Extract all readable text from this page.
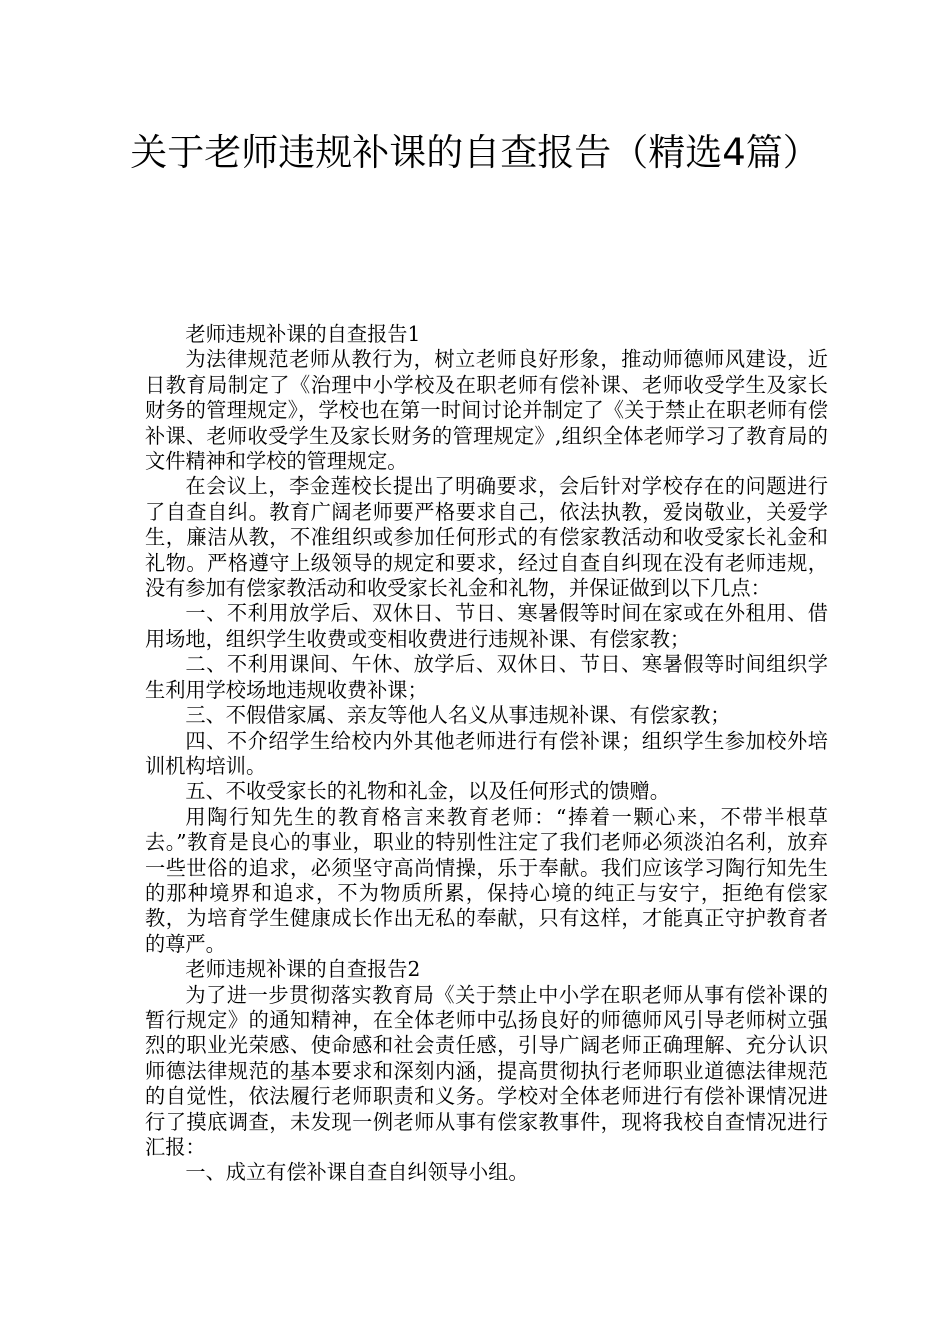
关于老师违规补课的自查报告（精选4篇）

老师违规补课的自查报告1

为法律规范老师从教行为，树立老师良好形象，推动师德师风建设，近日教育局制定了《治理中小学校及在职老师有偿补课、老师收受学生及家长财务的管理规定》，学校也在第一时间讨论并制定了《关于禁止在职老师有偿补课、老师收受学生及家长财务的管理规定》,组织全体老师学习了教育局的文件精神和学校的管理规定。

在会议上，李金莲校长提出了明确要求，会后针对学校存在的问题进行了自查自纠。教育广阔老师要严格要求自己，依法执教，爱岗敬业，关爱学生，廉洁从教，不准组织或参加任何形式的有偿家教活动和收受家长礼金和礼物。严格遵守上级领导的规定和要求，经过自查自纠现在没有老师违规，没有参加有偿家教活动和收受家长礼金和礼物，并保证做到以下几点：

一、不利用放学后、双休日、节日、寒暑假等时间在家或在外租用、借用场地，组织学生收费或变相收费进行违规补课、有偿家教；

二、不利用课间、午休、放学后、双休日、节日、寒暑假等时间组织学生利用学校场地违规收费补课；

三、不假借家属、亲友等他人名义从事违规补课、有偿家教；

四、不介绍学生给校内外其他老师进行有偿补课；组织学生参加校外培训机构培训。

五、不收受家长的礼物和礼金，以及任何形式的馈赠。

用陶行知先生的教育格言来教育老师：“捧着一颗心来，不带半根草去。”教育是良心的事业，职业的特别性注定了我们老师必须淡泊名利，放弃一些世俗的追求，必须坚守高尚情操，乐于奉献。我们应该学习陶行知先生的那种境界和追求，不为物质所累，保持心境的纯正与安宁，拒绝有偿家教，为培育学生健康成长作出无私的奉献，只有这样，才能真正守护教育者的尊严。

老师违规补课的自查报告2

为了进一步贯彻落实教育局《关于禁止中小学在职老师从事有偿补课的暂行规定》的通知精神，在全体老师中弘扬良好的师德师风引导老师树立强烈的职业光荣感、使命感和社会责任感，引导广阔老师正确理解、充分认识师德法律规范的基本要求和深刻内涵，提高贯彻执行老师职业道德法律规范的自觉性，依法履行老师职责和义务。学校对全体老师进行有偿补课情况进行了摸底调查，未发现一例老师从事有偿家教事件，现将我校自查情况进行汇报：

一、成立有偿补课自查自纠领导小组。
